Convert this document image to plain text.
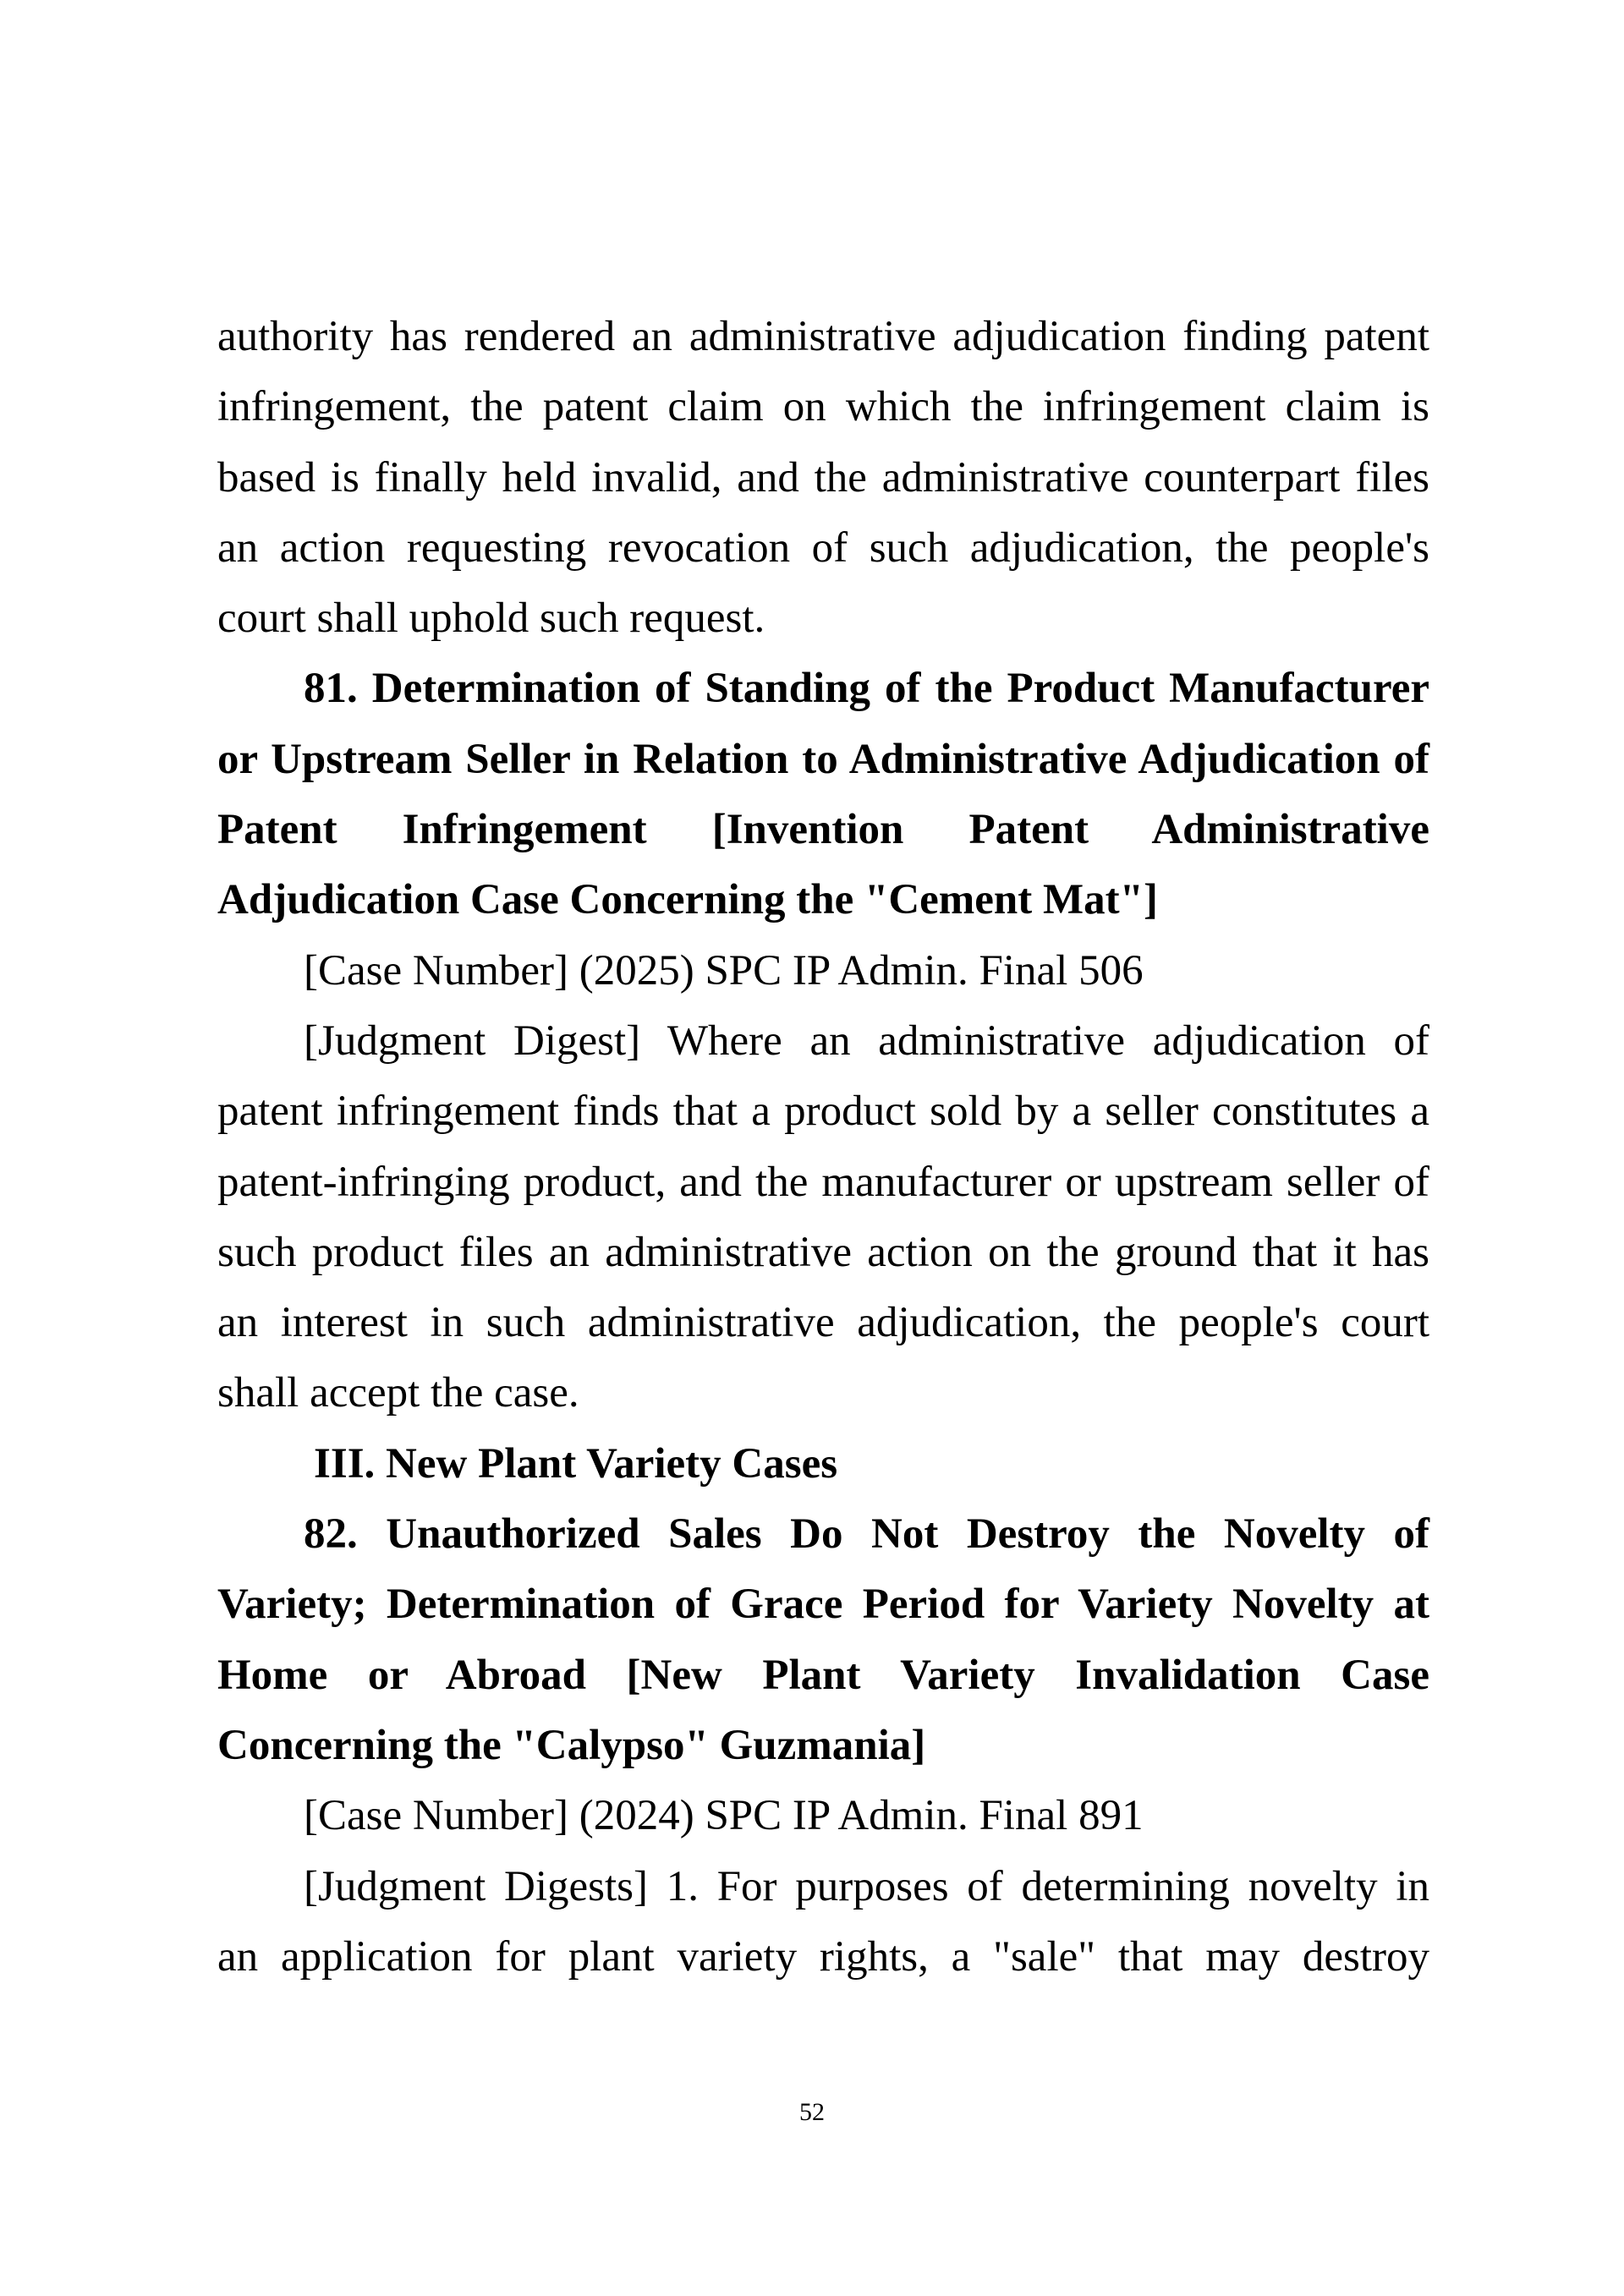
authority has rendered an administrative adjudication finding patent
infringement, the patent claim on which the infringement claim is
based is finally held invalid, and the administrative counterpart files
an action requesting revocation of such adjudication, the people's
court shall uphold such request.
81. Determination of Standing of the Product Manufacturer
or Upstream Seller in Relation to Administrative Adjudication of
Patent Infringement [Invention Patent Administrative
Adjudication Case Concerning the "Cement Mat"]
[Case Number] (2025) SPC IP Admin. Final 506
[Judgment Digest] Where an administrative adjudication of
patent infringement finds that a product sold by a seller constitutes a
patent-infringing product, and the manufacturer or upstream seller of
such product files an administrative action on the ground that it has
an interest in such administrative adjudication, the people's court
shall accept the case.
III. New Plant Variety Cases
82. Unauthorized Sales Do Not Destroy the Novelty of
Variety; Determination of Grace Period for Variety Novelty at
Home or Abroad [New Plant Variety Invalidation Case
Concerning the "Calypso" Guzmania]
[Case Number] (2024) SPC IP Admin. Final 891
[Judgment Digests] 1. For purposes of determining novelty in
an application for plant variety rights, a "sale" that may destroy
52
